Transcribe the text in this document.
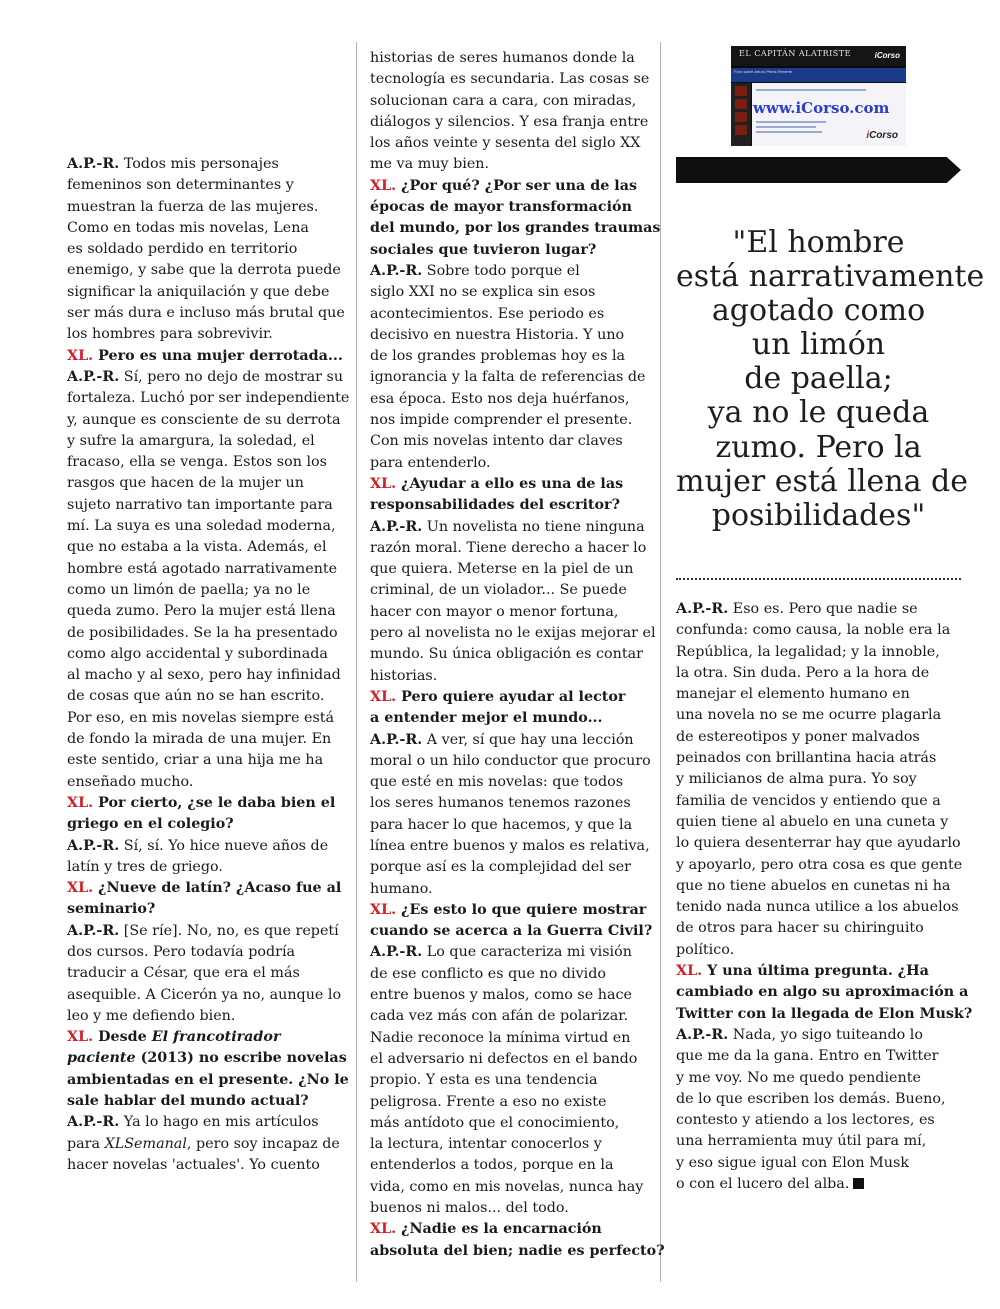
A.P.-R. Todos mis personajes
femeninos son determinantes y
muestran la fuerza de las mujeres.
Como en todas mis novelas, Lena
es soldado perdido en territorio
enemigo, y sabe que la derrota puede
significar la aniquilación y que debe
ser más dura e incluso más brutal que
los hombres para sobrevivir.
XL. Pero es una mujer derrotada...
A.P.-R. Sí, pero no dejo de mostrar su
fortaleza. Luchó por ser independiente
y, aunque es consciente de su derrota
y sufre la amargura, la soledad, el
fracaso, ella se venga. Estos son los
rasgos que hacen de la mujer un
sujeto narrativo tan importante para
mí. La suya es una soledad moderna,
que no estaba a la vista. Además, el
hombre está agotado narrativamente
como un limón de paella; ya no le
queda zumo. Pero la mujer está llena
de posibilidades. Se la ha presentado
como algo accidental y subordinada
al macho y al sexo, pero hay infinidad
de cosas que aún no se han escrito.
Por eso, en mis novelas siempre está
de fondo la mirada de una mujer. En
este sentido, criar a una hija me ha
enseñado mucho.
XL. Por cierto, ¿se le daba bien el
griego en el colegio?
A.P.-R. Sí, sí. Yo hice nueve años de
latín y tres de griego.
XL. ¿Nueve de latín? ¿Acaso fue al
seminario?
A.P.-R. [Se ríe]. No, no, es que repetí
dos cursos. Pero todavía podría
traducir a César, que era el más
asequible. A Cicerón ya no, aunque lo
leo y me defiendo bien.
XL. Desde El francotirador
paciente (2013) no escribe novelas
ambientadas en el presente. ¿No le
sale hablar del mundo actual?
A.P.-R. Ya lo hago en mis artículos
para XLSemanal, pero soy incapaz de
hacer novelas 'actuales'. Yo cuento
historias de seres humanos donde la
tecnología es secundaria. Las cosas se
solucionan cara a cara, con miradas,
diálogos y silencios. Y esa franja entre
los años veinte y sesenta del siglo XX
me va muy bien.
XL. ¿Por qué? ¿Por ser una de las
épocas de mayor transformación
del mundo, por los grandes traumas
sociales que tuvieron lugar?
A.P.-R. Sobre todo porque el
siglo XXI no se explica sin esos
acontecimientos. Ese periodo es
decisivo en nuestra Historia. Y uno
de los grandes problemas hoy es la
ignorancia y la falta de referencias de
esa época. Esto nos deja huérfanos,
nos impide comprender el presente.
Con mis novelas intento dar claves
para entenderlo.
XL. ¿Ayudar a ello es una de las
responsabilidades del escritor?
A.P.-R. Un novelista no tiene ninguna
razón moral. Tiene derecho a hacer lo
que quiera. Meterse en la piel de un
criminal, de un violador... Se puede
hacer con mayor o menor fortuna,
pero al novelista no le exijas mejorar el
mundo. Su única obligación es contar
historias.
XL. Pero quiere ayudar al lector
a entender mejor el mundo...
A.P.-R. A ver, sí que hay una lección
moral o un hilo conductor que procuro
que esté en mis novelas: que todos
los seres humanos tenemos razones
para hacer lo que hacemos, y que la
línea entre buenos y malos es relativa,
porque así es la complejidad del ser
humano.
XL. ¿Es esto lo que quiere mostrar
cuando se acerca a la Guerra Civil?
A.P.-R. Lo que caracteriza mi visión
de ese conflicto es que no divido
entre buenos y malos, como se hace
cada vez más con afán de polarizar.
Nadie reconoce la mínima virtud en
el adversario ni defectos en el bando
propio. Y esta es una tendencia
peligrosa. Frente a eso no existe
más antídoto que el conocimiento,
la lectura, intentar conocerlos y
entenderlos a todos, porque en la
vida, como en mis novelas, nunca hay
buenos ni malos... del todo.
XL. ¿Nadie es la encarnación
absoluta del bien; nadie es perfecto?
A.P.-R. Eso es. Pero que nadie se
confunda: como causa, la noble era la
República, la legalidad; y la innoble,
la otra. Sin duda. Pero a la hora de
manejar el elemento humano en
una novela no se me ocurre plagarla
de estereotipos y poner malvados
peinados con brillantina hacia atrás
y milicianos de alma pura. Yo soy
familia de vencidos y entiendo que a
quien tiene al abuelo en una cuneta y
lo quiera desenterrar hay que ayudarlo
y apoyarlo, pero otra cosa es que gente
que no tiene abuelos en cunetas ni ha
tenido nada nunca utilice a los abuelos
de otros para hacer su chiringuito
político.
XL. Y una última pregunta. ¿Ha
cambiado en algo su aproximación a
Twitter con la llegada de Elon Musk?
A.P.-R. Nada, yo sigo tuiteando lo
que me da la gana. Entro en Twitter
y me voy. No me quedo pendiente
de lo que escriben los demás. Bueno,
contesto y atiendo a los lectores, es
una herramienta muy útil para mí,
y eso sigue igual con Elon Musk
o con el lucero del alba.
EL CAPITÁN ALATRISTE	iCorso
Foro sobre Arturo Pérez-Reverte
www.iCorso.com
iCorso
"El hombre
está narrativamente
agotado como
un limón
de paella;
ya no le queda
zumo. Pero la
mujer está llena de
posibilidades"
